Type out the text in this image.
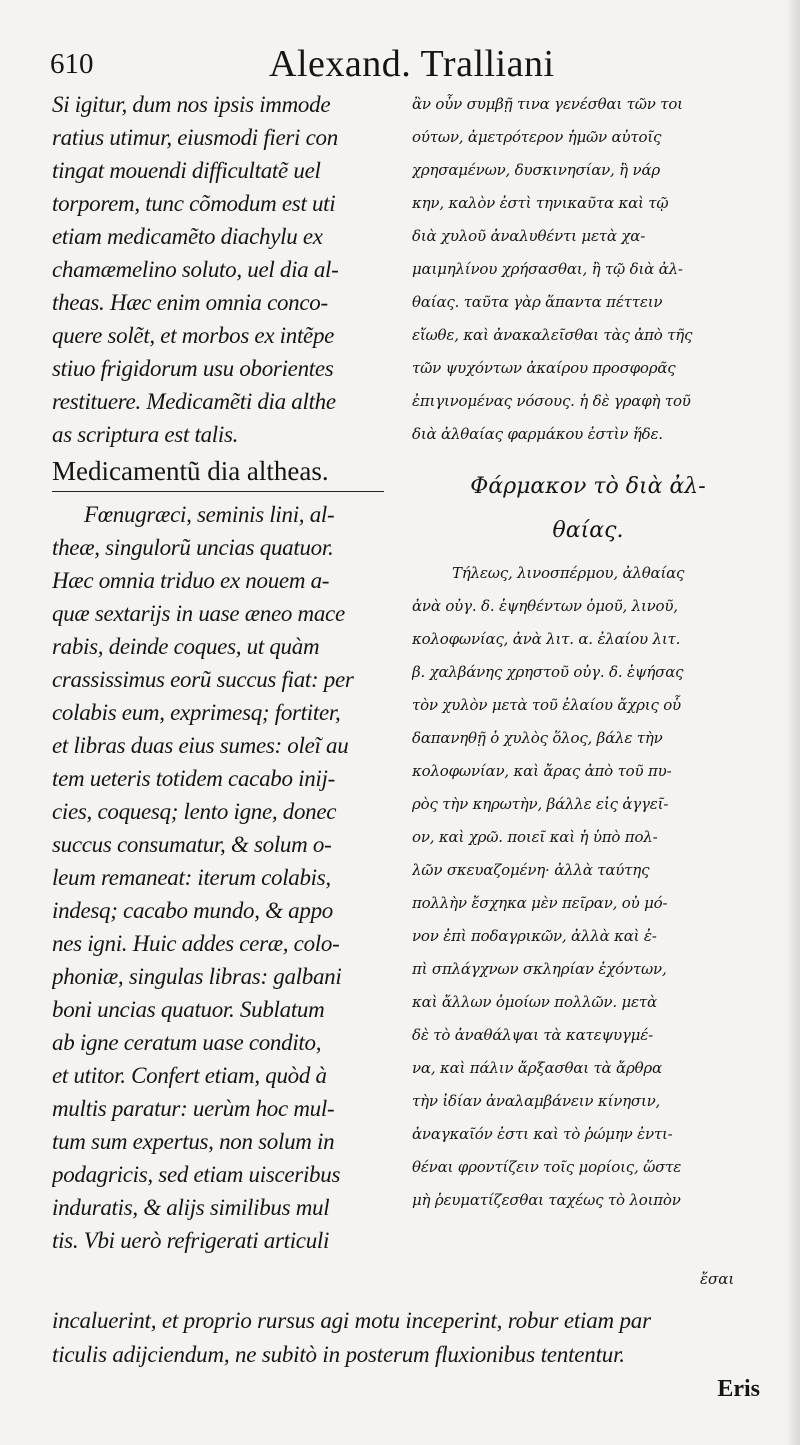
610	Alexand. Tralliani
Si igitur, dum nos ipsis immode
ratius utimur, eiusmodi fieri con
tingat mouendi difficultatẽ uel
torporem, tunc cõmodum est uti
etiam medicamẽto diachylu ex
chamæmelino soluto, uel dia al-
theas. Hæc enim omnia conco-
quere solẽt, et morbos ex intẽpe
stiuo frigidorum usu oborientes
restituere. Medicamẽti dia althe
as scriptura est talis.
Medicamentũ dia altheas.
Fœnugræci, seminis lini, al-
theæ, singulorũ uncias quatuor.
Hæc omnia triduo ex nouem a-
quæ sextarijs in uase æneo mace
rabis, deinde coques, ut quàm
crassissimus eorũ succus fiat: per
colabis eum, exprimesq; fortiter,
et libras duas eius sumes: oleĩ au
tem ueteris totidem cacabo inij-
cies, coquesq; lento igne, donec
succus consumatur, & solum o-
leum remaneat: iterum colabis,
indesq; cacabo mundo, & appo
nes igni. Huic addes ceræ, colo-
phoniæ, singulas libras: galbani
boni uncias quatuor. Sublatum
ab igne ceratum uase condito,
et utitor. Confert etiam, quòd à
multis paratur: uerùm hoc mul-
tum sum expertus, non solum in
podagricis, sed etiam uisceribus
induratis, & alijs similibus mul
tis. Vbi uerò refrigerati articuli
ἂν οὖν συμβῇ τινα γενέσθαι τῶν τοι
ούτων, ἀμετρότερον ἡμῶν αὐτοῖς
χρησαμένων, δυσκινησίαν, ἢ νάρ
κην, καλὸν ἐστὶ τηνικαῦτα καὶ τῷ
διὰ χυλοῦ ἀναλυθέντι μετὰ χα-
μαιμηλίνου χρήσασθαι, ἢ τῷ διὰ ἀλ-
θαίας. ταῦτα γὰρ ἅπαντα πέττειν
εἴωθε, καὶ ἀνακαλεῖσθαι τὰς ἀπὸ τῆς
τῶν ψυχόντων ἀκαίρου προσφορᾶς
ἐπιγινομένας νόσους. ἡ δὲ γραφὴ τοῦ
διὰ ἀλθαίας φαρμάκου ἐστὶν ἥδε.
Φάρμακον τὸ διὰ ἀλ-
θαίας.
Τήλεως, λινοσπέρμου, ἀλθαίας
ἀνὰ οὐγ. δ. ἑψηθέντων ὁμοῦ, λινοῦ,
κολοφωνίας, ἀνὰ λιτ. α. ἐλαίου λιτ.
β. χαλβάνης χρηστοῦ οὐγ. δ. ἑψήσας
τὸν χυλὸν μετὰ τοῦ ἐλαίου ἄχρις οὗ
δαπανηθῇ ὁ χυλὸς ὅλος, βάλε τὴν
κολοφωνίαν, καὶ ἄρας ἀπὸ τοῦ πυ-
ρὸς τὴν κηρωτὴν, βάλλε εἰς ἀγγεῖ-
ον, καὶ χρῶ. ποιεῖ καὶ ἡ ὑπὸ πολ-
λῶν σκευαζομένη· ἀλλὰ ταύτης
πολλὴν ἔσχηκα μὲν πεῖραν, οὐ μό-
νον ἐπὶ ποδαγρικῶν, ἀλλὰ καὶ ἐ-
πὶ σπλάγχνων σκληρίαν ἐχόντων,
καὶ ἄλλων ὁμοίων πολλῶν. μετὰ
δὲ τὸ ἀναθάλψαι τὰ κατεψυγμέ-
να, καὶ πάλιν ἄρξασθαι τὰ ἄρθρα
τὴν ἰδίαν ἀναλαμβάνειν κίνησιν,
ἀναγκαῖόν ἐστι καὶ τὸ ῥώμην ἐντι-
θέναι φροντίζειν τοῖς μορίοις, ὥστε
μὴ ῥευματίζεσθαι ταχέως τὸ λοιπὸν
ἔσαι
incaluerint, et proprio rursus agi motu inceperint, robur etiam par
ticulis adijciendum, ne subitò in posterum fluxionibus tententur.
Eris
